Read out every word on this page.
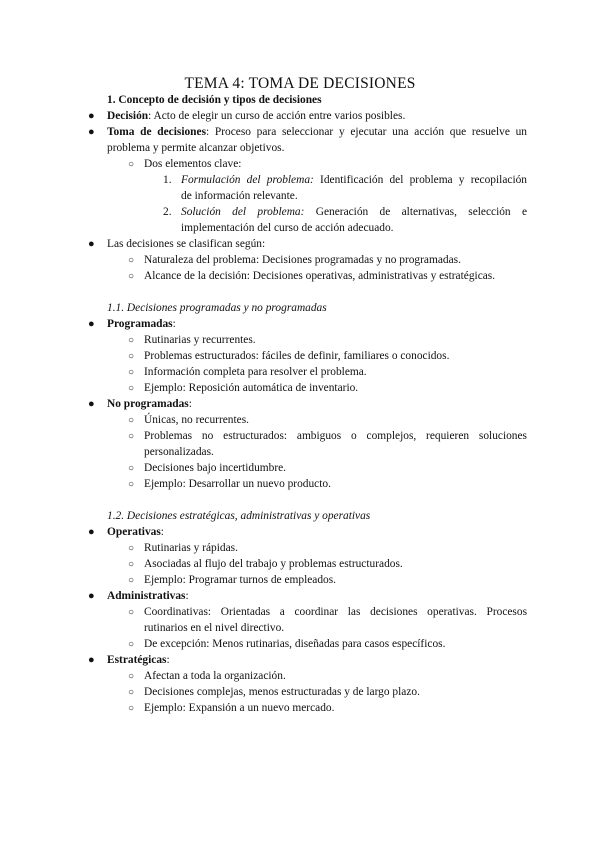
TEMA 4: TOMA DE DECISIONES
1. Concepto de decisión y tipos de decisiones
● Decisión: Acto de elegir un curso de acción entre varios posibles.
● Toma de decisiones: Proceso para seleccionar y ejecutar una acción que resuelve un
problema y permite alcanzar objetivos.
○ Dos elementos clave:
1. Formulación del problema: Identificación del problema y recopilación
de información relevante.
2. Solución del problema: Generación de alternativas, selección e
implementación del curso de acción adecuado.
● Las decisiones se clasifican según:
○ Naturaleza del problema: Decisiones programadas y no programadas.
○ Alcance de la decisión: Decisiones operativas, administrativas y estratégicas.
1.1. Decisiones programadas y no programadas
● Programadas:
○ Rutinarias y recurrentes.
○ Problemas estructurados: fáciles de definir, familiares o conocidos.
○ Información completa para resolver el problema.
○ Ejemplo: Reposición automática de inventario.
● No programadas:
○ Únicas, no recurrentes.
○ Problemas no estructurados: ambiguos o complejos, requieren soluciones
personalizadas.
○ Decisiones bajo incertidumbre.
○ Ejemplo: Desarrollar un nuevo producto.
1.2. Decisiones estratégicas, administrativas y operativas
● Operativas:
○ Rutinarias y rápidas.
○ Asociadas al flujo del trabajo y problemas estructurados.
○ Ejemplo: Programar turnos de empleados.
● Administrativas:
○ Coordinativas: Orientadas a coordinar las decisiones operativas. Procesos
rutinarios en el nivel directivo.
○ De excepción: Menos rutinarias, diseñadas para casos específicos.
● Estratégicas:
○ Afectan a toda la organización.
○ Decisiones complejas, menos estructuradas y de largo plazo.
○ Ejemplo: Expansión a un nuevo mercado.
